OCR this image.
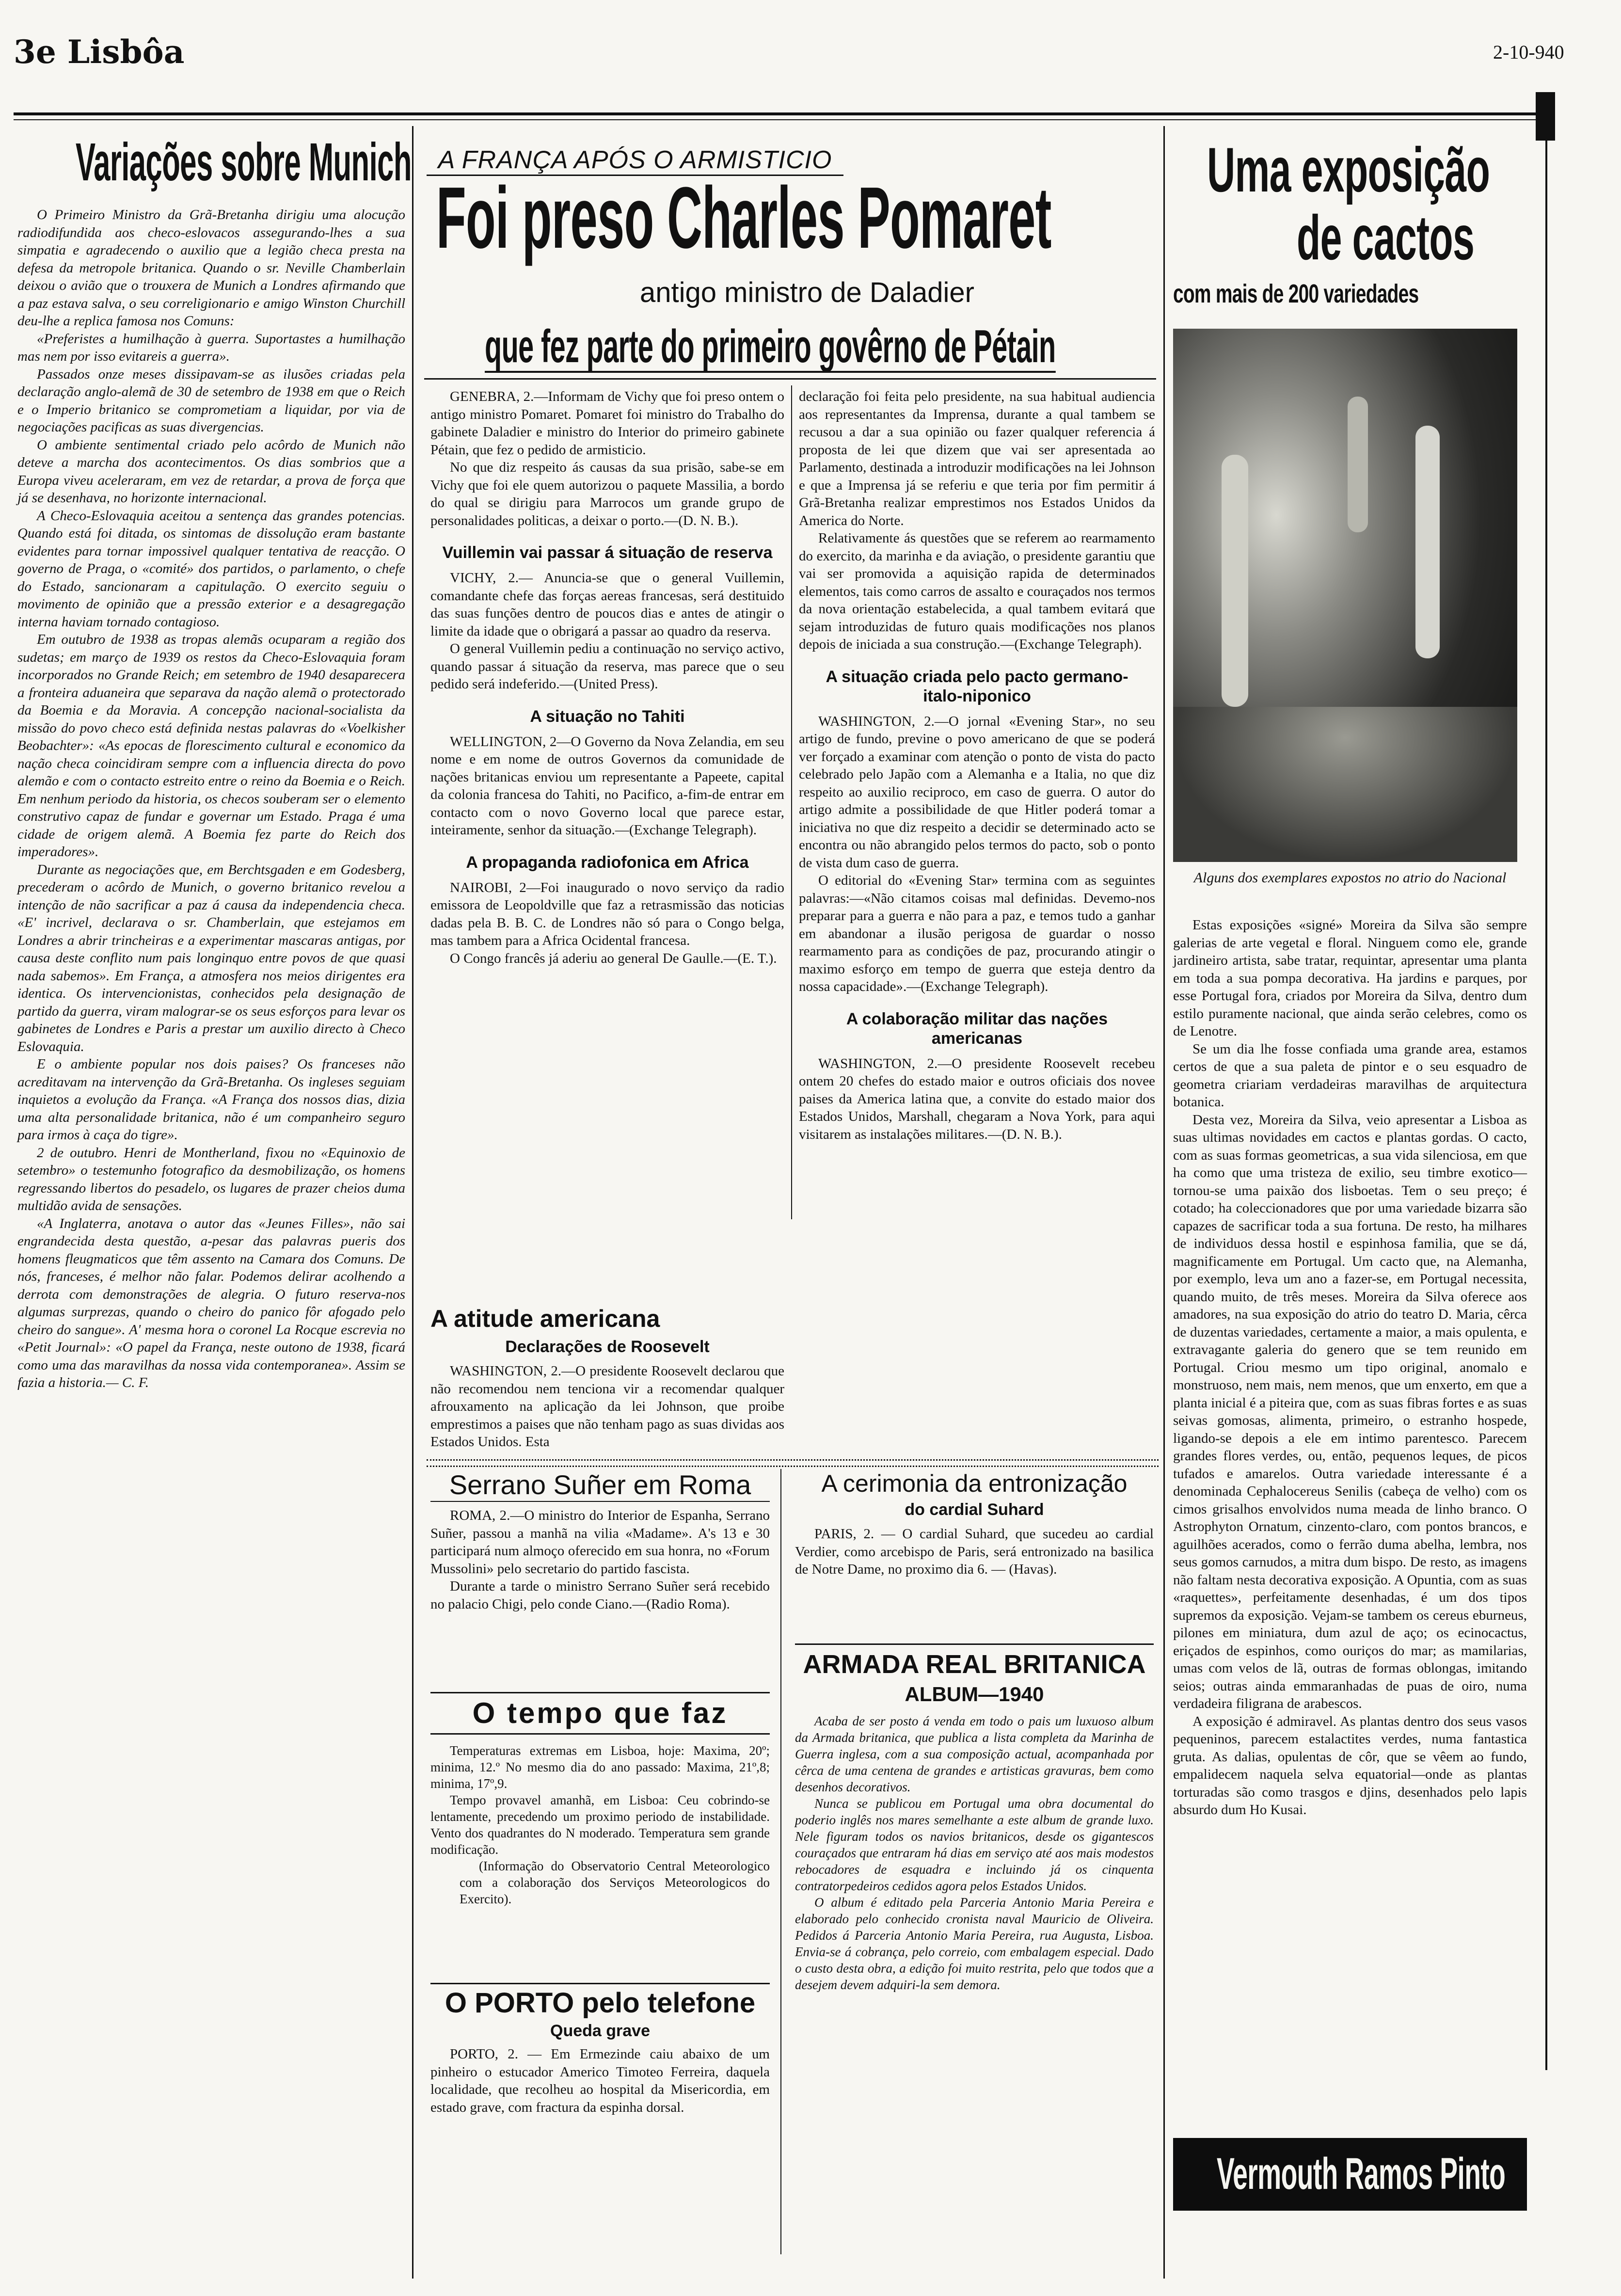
3e Lisbôa	2-10-940
Variações sobre Munich

O Primeiro Ministro da Grã-Bretanha dirigiu uma alocução radiodifundida aos checo-eslovacos assegurando-lhes a sua simpatia e agradecendo o auxilio que a legião checa presta na defesa da metropole britanica. Quando o sr. Neville Chamberlain deixou o avião que o trouxera de Munich a Londres afirmando que a paz estava salva, o seu correligionario e amigo Winston Churchill deu-lhe a replica famosa nos Comuns:

«Preferistes a humilhação à guerra. Suportastes a humilhação mas nem por isso evitareis a guerra».

Passados onze meses dissipavam-se as ilusões criadas pela declaração anglo-alemã de 30 de setembro de 1938 em que o Reich e o Imperio britanico se comprometiam a liquidar, por via de negociações pacificas as suas divergencias.

O ambiente sentimental criado pelo acôrdo de Munich não deteve a marcha dos acontecimentos. Os dias sombrios que a Europa viveu aceleraram, em vez de retardar, a prova de força que já se desenhava, no horizonte internacional.

A Checo-Eslovaquia aceitou a sentença das grandes potencias. Quando está foi ditada, os sintomas de dissolução eram bastante evidentes para tornar impossivel qualquer tentativa de reacção. O governo de Praga, o «comité» dos partidos, o parlamento, o chefe do Estado, sancionaram a capitulação. O exercito seguiu o movimento de opinião que a pressão exterior e a desagregação interna haviam tornado contagioso.

Em outubro de 1938 as tropas alemãs ocuparam a região dos sudetas; em março de 1939 os restos da Checo-Eslovaquia foram incorporados no Grande Reich; em setembro de 1940 desaparecera a fronteira aduaneira que separava da nação alemã o protectorado da Boemia e da Moravia. A concepção nacional-socialista da missão do povo checo está definida nestas palavras do «Voelkisher Beobachter»: «As epocas de florescimento cultural e economico da nação checa coincidiram sempre com a influencia directa do povo alemão e com o contacto estreito entre o reino da Boemia e o Reich. Em nenhum periodo da historia, os checos souberam ser o elemento construtivo capaz de fundar e governar um Estado. Praga é uma cidade de origem alemã. A Boemia fez parte do Reich dos imperadores».

Durante as negociações que, em Berchtsgaden e em Godesberg, precederam o acôrdo de Munich, o governo britanico revelou a intenção de não sacrificar a paz á causa da independencia checa. «E' incrivel, declarava o sr. Chamberlain, que estejamos em Londres a abrir trincheiras e a experimentar mascaras antigas, por causa deste conflito num pais longinquo entre povos de que quasi nada sabemos». Em França, a atmosfera nos meios dirigentes era identica. Os intervencionistas, conhecidos pela designação de partido da guerra, viram malograr-se os seus esforços para levar os gabinetes de Londres e Paris a prestar um auxilio directo à Checo Eslovaquia.

E o ambiente popular nos dois paises? Os franceses não acreditavam na intervenção da Grã-Bretanha. Os ingleses seguiam inquietos a evolução da França. «A França dos nossos dias, dizia uma alta personalidade britanica, não é um companheiro seguro para irmos à caça do tigre».

2 de outubro. Henri de Montherland, fixou no «Equinoxio de setembro» o testemunho fotografico da desmobilização, os homens regressando libertos do pesadelo, os lugares de prazer cheios duma multidão avida de sensações.

«A Inglaterra, anotava o autor das «Jeunes Filles», não sai engrandecida desta questão, a-pesar das palavras pueris dos homens fleugmaticos que têm assento na Camara dos Comuns. De nós, franceses, é melhor não falar. Podemos delirar acolhendo a derrota com demonstrações de alegria. O futuro reserva-nos algumas surprezas, quando o cheiro do panico fôr afogado pelo cheiro do sangue». A' mesma hora o coronel La Rocque escrevia no «Petit Journal»: «O papel da França, neste outono de 1938, ficará como uma das maravilhas da nossa vida contemporanea». Assim se fazia a historia.— C. F.

A FRANÇA APÓS O ARMISTICIO
Foi preso Charles Pomaret
antigo ministro de Daladier
que fez parte do primeiro govêrno de Pétain

GENEBRA, 2.—Informam de Vichy que foi preso ontem o antigo ministro Pomaret. Pomaret foi ministro do Trabalho do gabinete Daladier e ministro do Interior do primeiro gabinete Pétain, que fez o pedido de armisticio.

No que diz respeito ás causas da sua prisão, sabe-se em Vichy que foi ele quem autorizou o paquete Massilia, a bordo do qual se dirigiu para Marrocos um grande grupo de personalidades politicas, a deixar o porto.—(D. N. B.).

Vuillemin vai passar á situação de reserva

VICHY, 2.— Anuncia-se que o general Vuillemin, comandante chefe das forças aereas francesas, será destituido das suas funções dentro de poucos dias e antes de atingir o limite da idade que o obrigará a passar ao quadro da reserva.

O general Vuillemin pediu a continuação no serviço activo, quando passar á situação da reserva, mas parece que o seu pedido será indeferido.—(United Press).

A situação no Tahiti

WELLINGTON, 2—O Governo da Nova Zelandia, em seu nome e em nome de outros Governos da comunidade de nações britanicas enviou um representante a Papeete, capital da colonia francesa do Tahiti, no Pacifico, a-fim-de entrar em contacto com o novo Governo local que parece estar, inteiramente, senhor da situação.—(Exchange Telegraph).

A propaganda radiofonica em Africa

NAIROBI, 2—Foi inaugurado o novo serviço da radio emissora de Leopoldville que faz a retrasmissão das noticias dadas pela B. B. C. de Londres não só para o Congo belga, mas tambem para a Africa Ocidental francesa.

O Congo francês já aderiu ao general De Gaulle.—(E. T.).

declaração foi feita pelo presidente, na sua habitual audiencia aos representantes da Imprensa, durante a qual tambem se recusou a dar a sua opinião ou fazer qualquer referencia á proposta de lei que dizem que vai ser apresentada ao Parlamento, destinada a introduzir modificações na lei Johnson e que a Imprensa já se referiu e que teria por fim permitir á Grã-Bretanha realizar emprestimos nos Estados Unidos da America do Norte.

Relativamente ás questões que se referem ao rearmamento do exercito, da marinha e da aviação, o presidente garantiu que vai ser promovida a aquisição rapida de determinados elementos, tais como carros de assalto e couraçados nos termos da nova orientação estabelecida, a qual tambem evitará que sejam introduzidas de futuro quais modificações nos planos depois de iniciada a sua construção.—(Exchange Telegraph).

A situação criada pelo pacto germano-italo-niponico

WASHINGTON, 2.—O jornal «Evening Star», no seu artigo de fundo, previne o povo americano de que se poderá ver forçado a examinar com atenção o ponto de vista do pacto celebrado pelo Japão com a Alemanha e a Italia, no que diz respeito ao auxilio reciproco, em caso de guerra. O autor do artigo admite a possibilidade de que Hitler poderá tomar a iniciativa no que diz respeito a decidir se determinado acto se encontra ou não abrangido pelos termos do pacto, sob o ponto de vista dum caso de guerra.

O editorial do «Evening Star» termina com as seguintes palavras:—«Não citamos coisas mal definidas. Devemo-nos preparar para a guerra e não para a paz, e temos tudo a ganhar em abandonar a ilusão perigosa de guardar o nosso rearmamento para as condições de paz, procurando atingir o maximo esforço em tempo de guerra que esteja dentro da nossa capacidade».—(Exchange Telegraph).

A colaboração militar das nações americanas

WASHINGTON, 2.—O presidente Roosevelt recebeu ontem 20 chefes do estado maior e outros oficiais dos novee paises da America latina que, a convite do estado maior dos Estados Unidos, Marshall, chegaram a Nova York, para aqui visitarem as instalações militares.—(D. N. B.).

A atitude americana
Declarações de Roosevelt

WASHINGTON, 2.—O presidente Roosevelt declarou que não recomendou nem tenciona vir a recomendar qualquer afrouxamento na aplicação da lei Johnson, que proibe emprestimos a paises que não tenham pago as suas dividas aos Estados Unidos. Esta

Serrano Suñer em Roma

ROMA, 2.—O ministro do Interior de Espanha, Serrano Suñer, passou a manhã na vilia «Madame». A's 13 e 30 participará num almoço oferecido em sua honra, no «Forum Mussolini» pelo secretario do partido fascista.

Durante a tarde o ministro Serrano Suñer será recebido no palacio Chigi, pelo conde Ciano.—(Radio Roma).

O tempo que faz

Temperaturas extremas em Lisboa, hoje: Maxima, 20º; minima, 12.º No mesmo dia do ano passado: Maxima, 21º,8; minima, 17º,9.

Tempo provavel amanhã, em Lisboa: Ceu cobrindo-se lentamente, precedendo um proximo periodo de instabilidade. Vento dos quadrantes do N moderado. Temperatura sem grande modificação.

(Informação do Observatorio Central Meteorologico com a colaboração dos Serviços Meteorologicos do Exercito).

O PORTO pelo telefone
Queda grave

PORTO, 2. — Em Ermezinde caiu abaixo de um pinheiro o estucador Americo Timoteo Ferreira, daquela localidade, que recolheu ao hospital da Misericordia, em estado grave, com fractura da espinha dorsal.

A cerimonia da entronização
do cardial Suhard

PARIS, 2. — O cardial Suhard, que sucedeu ao cardial Verdier, como arcebispo de Paris, será entronizado na basilica de Notre Dame, no proximo dia 6. — (Havas).

ARMADA REAL BRITANICA
ALBUM—1940

Acaba de ser posto á venda em todo o pais um luxuoso album da Armada britanica, que publica a lista completa da Marinha de Guerra inglesa, com a sua composição actual, acompanhada por cêrca de uma centena de grandes e artisticas gravuras, bem como desenhos decorativos.

Nunca se publicou em Portugal uma obra documental do poderio inglês nos mares semelhante a este album de grande luxo. Nele figuram todos os navios britanicos, desde os gigantescos couraçados que entraram há dias em serviço até aos mais modestos rebocadores de esquadra e incluindo já os cinquenta contratorpedeiros cedidos agora pelos Estados Unidos.

O album é editado pela Parceria Antonio Maria Pereira e elaborado pelo conhecido cronista naval Mauricio de Oliveira. Pedidos á Parceria Antonio Maria Pereira, rua Augusta, Lisboa. Envia-se á cobrança, pelo correio, com embalagem especial. Dado o custo desta obra, a edição foi muito restrita, pelo que todos que a desejem devem adquiri-la sem demora.

Uma exposição
de cactos
com mais de 200 variedades
Alguns dos exemplares expostos no atrio do Nacional

Estas exposições «signé» Moreira da Silva são sempre galerias de arte vegetal e floral. Ninguem como ele, grande jardineiro artista, sabe tratar, requintar, apresentar uma planta em toda a sua pompa decorativa. Ha jardins e parques, por esse Portugal fora, criados por Moreira da Silva, dentro dum estilo puramente nacional, que ainda serão celebres, como os de Lenotre.

Se um dia lhe fosse confiada uma grande area, estamos certos de que a sua paleta de pintor e o seu esquadro de geometra criariam verdadeiras maravilhas de arquitectura botanica.

Desta vez, Moreira da Silva, veio apresentar a Lisboa as suas ultimas novidades em cactos e plantas gordas. O cacto, com as suas formas geometricas, a sua vida silenciosa, em que ha como que uma tristeza de exilio, seu timbre exotico—tornou-se uma paixão dos lisboetas. Tem o seu preço; é cotado; ha coleccionadores que por uma variedade bizarra são capazes de sacrificar toda a sua fortuna. De resto, ha milhares de individuos dessa hostil e espinhosa familia, que se dá, magnificamente em Portugal. Um cacto que, na Alemanha, por exemplo, leva um ano a fazer-se, em Portugal necessita, quando muito, de três meses. Moreira da Silva oferece aos amadores, na sua exposição do atrio do teatro D. Maria, cêrca de duzentas variedades, certamente a maior, a mais opulenta, e extravagante galeria do genero que se tem reunido em Portugal. Criou mesmo um tipo original, anomalo e monstruoso, nem mais, nem menos, que um enxerto, em que a planta inicial é a piteira que, com as suas fibras fortes e as suas seivas gomosas, alimenta, primeiro, o estranho hospede, ligando-se depois a ele em intimo parentesco. Parecem grandes flores verdes, ou, então, pequenos leques, de picos tufados e amarelos. Outra variedade interessante é a denominada Cephalocereus Senilis (cabeça de velho) com os cimos grisalhos envolvidos numa meada de linho branco. O Astrophyton Ornatum, cinzento-claro, com pontos brancos, e aguilhões acerados, como o ferrão duma abelha, lembra, nos seus gomos carnudos, a mitra dum bispo. De resto, as imagens não faltam nesta decorativa exposição. A Opuntia, com as suas «raquettes», perfeitamente desenhadas, é um dos tipos supremos da exposição. Vejam-se tambem os cereus eburneus, pilones em miniatura, dum azul de aço; os ecinocactus, eriçados de espinhos, como ouriços do mar; as mamilarias, umas com velos de lã, outras de formas oblongas, imitando seios; outras ainda emmaranhadas de puas de oiro, numa verdadeira filigrana de arabescos.

A exposição é admiravel. As plantas dentro dos seus vasos pequeninos, parecem estalactites verdes, numa fantastica gruta. As dalias, opulentas de côr, que se vêem ao fundo, empalidecem naquela selva equatorial—onde as plantas torturadas são como trasgos e djins, desenhados pelo lapis absurdo dum Ho Kusai.

Vermouth Ramos Pinto
